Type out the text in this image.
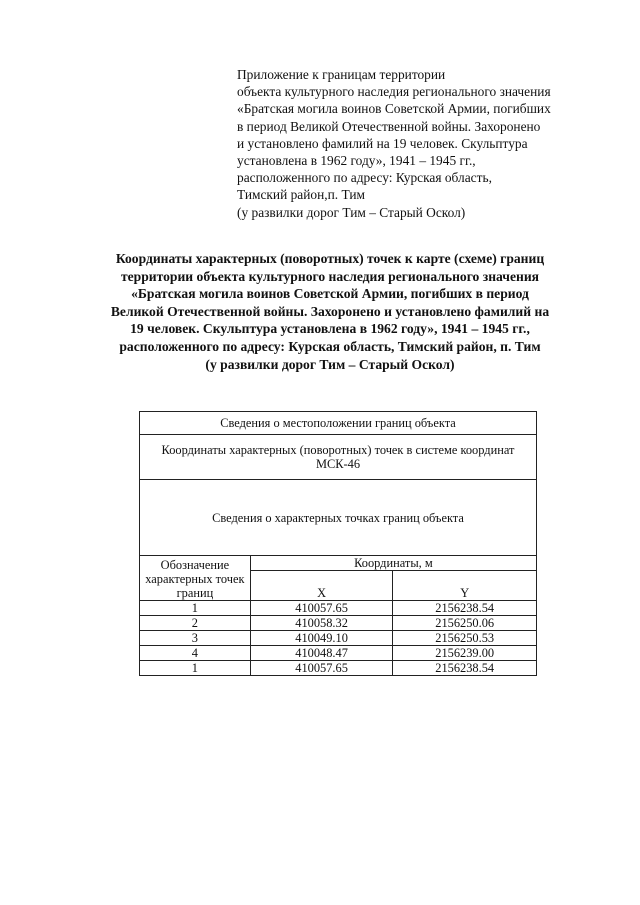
Приложение к границам территории
объекта культурного наследия регионального значения
«Братская могила воинов Советской Армии, погибших
в период Великой Отечественной войны. Захоронено
и установлено фамилий на 19 человек. Скульптура
установлена в 1962 году», 1941 – 1945 гг.,
расположенного по адресу: Курская область,
Тимский район,п. Тим
(у развилки дорог Тим – Старый Оскол)
Координаты характерных (поворотных) точек к карте (схеме) границ
территории объекта культурного наследия регионального значения
«Братская могила воинов Советской Армии, погибших в период
Великой Отечественной войны. Захоронено и установлено фамилий на
19 человек. Скульптура установлена в 1962 году», 1941 – 1945 гг.,
расположенного по адресу: Курская область, Тимский район, п. Тим
(у развилки дорог Тим – Старый Оскол)
Сведения о местоположении границ объекта		
Координаты характерных (поворотных) точек в системе координат МСК-46		
Сведения о характерных точках границ объекта		
Обозначение характерных точек границ	Координаты, м	
	X	Y
1	410057.65	2156238.54
2	410058.32	2156250.06
3	410049.10	2156250.53
4	410048.47	2156239.00
1	410057.65	2156238.54
